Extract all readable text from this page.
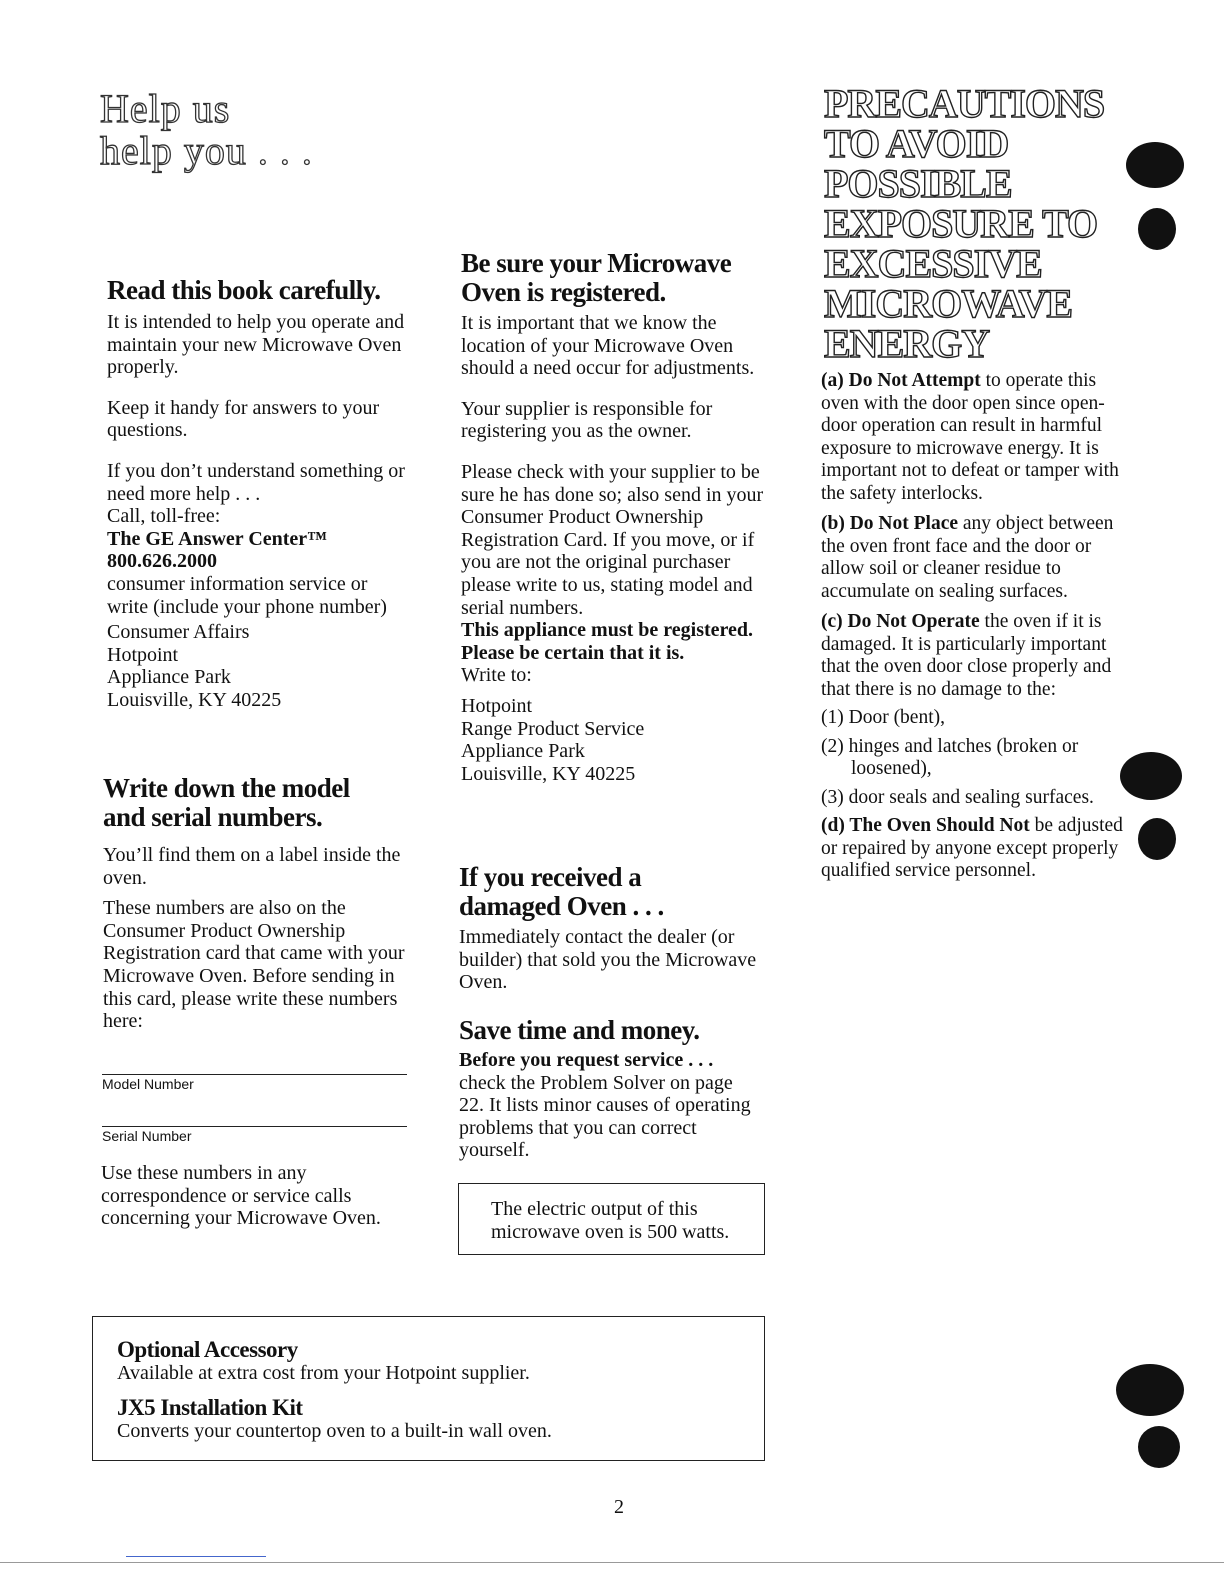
Help us
help you . . .
Read this book carefully.

It is intended to help you operate and maintain your new Microwave Oven properly.

Keep it handy for answers to your questions.

If you don’t understand something or need more help . . .

Call, toll-free:

The GE Answer Center™

800.626.2000

consumer information service or write (include your phone number)

Consumer Affairs

Hotpoint

Appliance Park

Louisville, KY 40225

Write down the model
and serial numbers.

You’ll find them on a label inside the oven.

These numbers are also on the Consumer Product Ownership Registration card that came with your Microwave Oven. Before sending in this card, please write these numbers here:

Model Number
Serial Number

Use these numbers in any correspondence or service calls concerning your Microwave Oven.

Be sure your Microwave
Oven is registered.

It is important that we know the location of your Microwave Oven should a need occur for adjustments.

Your supplier is responsible for registering you as the owner.

Please check with your supplier to be sure he has done so; also send in your Consumer Product Ownership Registration Card. If you move, or if you are not the original purchaser please write to us, stating model and serial numbers.

This appliance must be registered. Please be certain that it is.

Write to:

Hotpoint

Range Product Service

Appliance Park

Louisville, KY 40225

If you received a
damaged Oven . . .

Immediately contact the dealer (or builder) that sold you the Microwave Oven.

Save time and money.

Before you request service . . .

check the Problem Solver on page 22. It lists minor causes of operating problems that you can correct yourself.

The electric output of this microwave oven is 500 watts.

PRECAUTIONS
TO AVOID
POSSIBLE
EXPOSURE TO
EXCESSIVE
MICROWAVE
ENERGY

(a) Do Not Attempt to operate this oven with the door open since open-door operation can result in harmful exposure to microwave energy. It is important not to defeat or tamper with the safety interlocks.

(b) Do Not Place any object between the oven front face and the door or allow soil or cleaner residue to accumulate on sealing surfaces.

(c) Do Not Operate the oven if it is damaged. It is particularly important that the oven door close properly and that there is no damage to the:

(1) Door (bent),

(2) hinges and latches (broken or loosened),

(3) door seals and sealing surfaces.

(d) The Oven Should Not be adjusted or repaired by anyone except properly qualified service personnel.

Optional Accessory

Available at extra cost from your Hotpoint supplier.

JX5 Installation Kit

Converts your countertop oven to a built-in wall oven.

2
